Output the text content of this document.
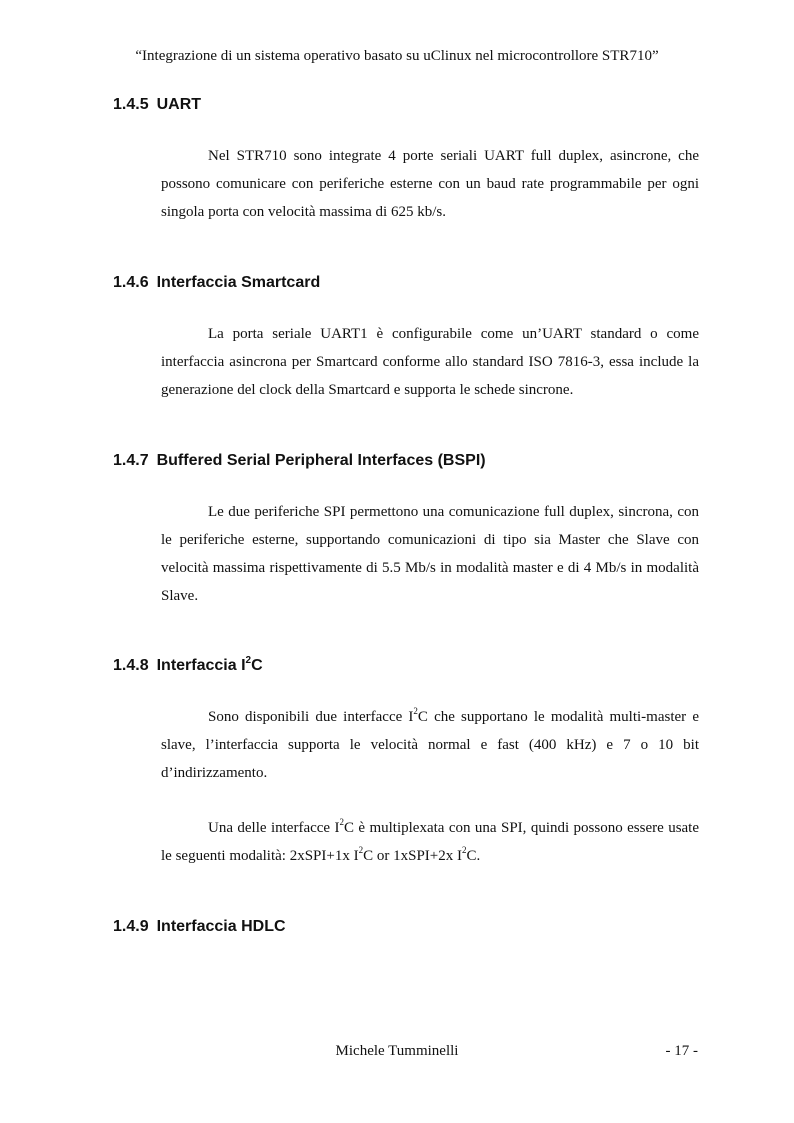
“Integrazione di un sistema operativo basato su uClinux nel microcontrollore STR710”
1.4.5 UART

Nel STR710 sono integrate 4 porte seriali UART full duplex, asincrone, che possono comunicare con periferiche esterne con un baud rate programmabile per ogni singola porta con velocità massima di 625 kb/s.

1.4.6 Interfaccia Smartcard

La porta seriale UART1 è configurabile come un’UART standard o come interfaccia asincrona per Smartcard conforme allo standard ISO 7816-3, essa include la generazione del clock della Smartcard e supporta le schede sincrone.

1.4.7 Buffered Serial Peripheral Interfaces (BSPI)

Le due periferiche SPI permettono una comunicazione full duplex, sincrona, con le periferiche esterne, supportando comunicazioni di tipo sia Master che Slave con velocità massima rispettivamente di 5.5 Mb/s in modalità master e di 4 Mb/s in modalità Slave.

1.4.8 Interfaccia $I^2C$

Sono disponibili due interfacce $I^2C$ che supportano le modalità multi-master e slave, l’interfaccia supporta le velocità normal e fast (400 kHz) e 7 o 10 bit d’indirizzamento.

Una delle interfacce $I^2C$ è multiplexata con una SPI, quindi possono essere usate le seguenti modalità: 2xSPI+1x $I^2C$ or 1xSPI+2x $I^2C$.

1.4.9 Interfaccia HDLC
Michele Tumminelli	- 17 -
